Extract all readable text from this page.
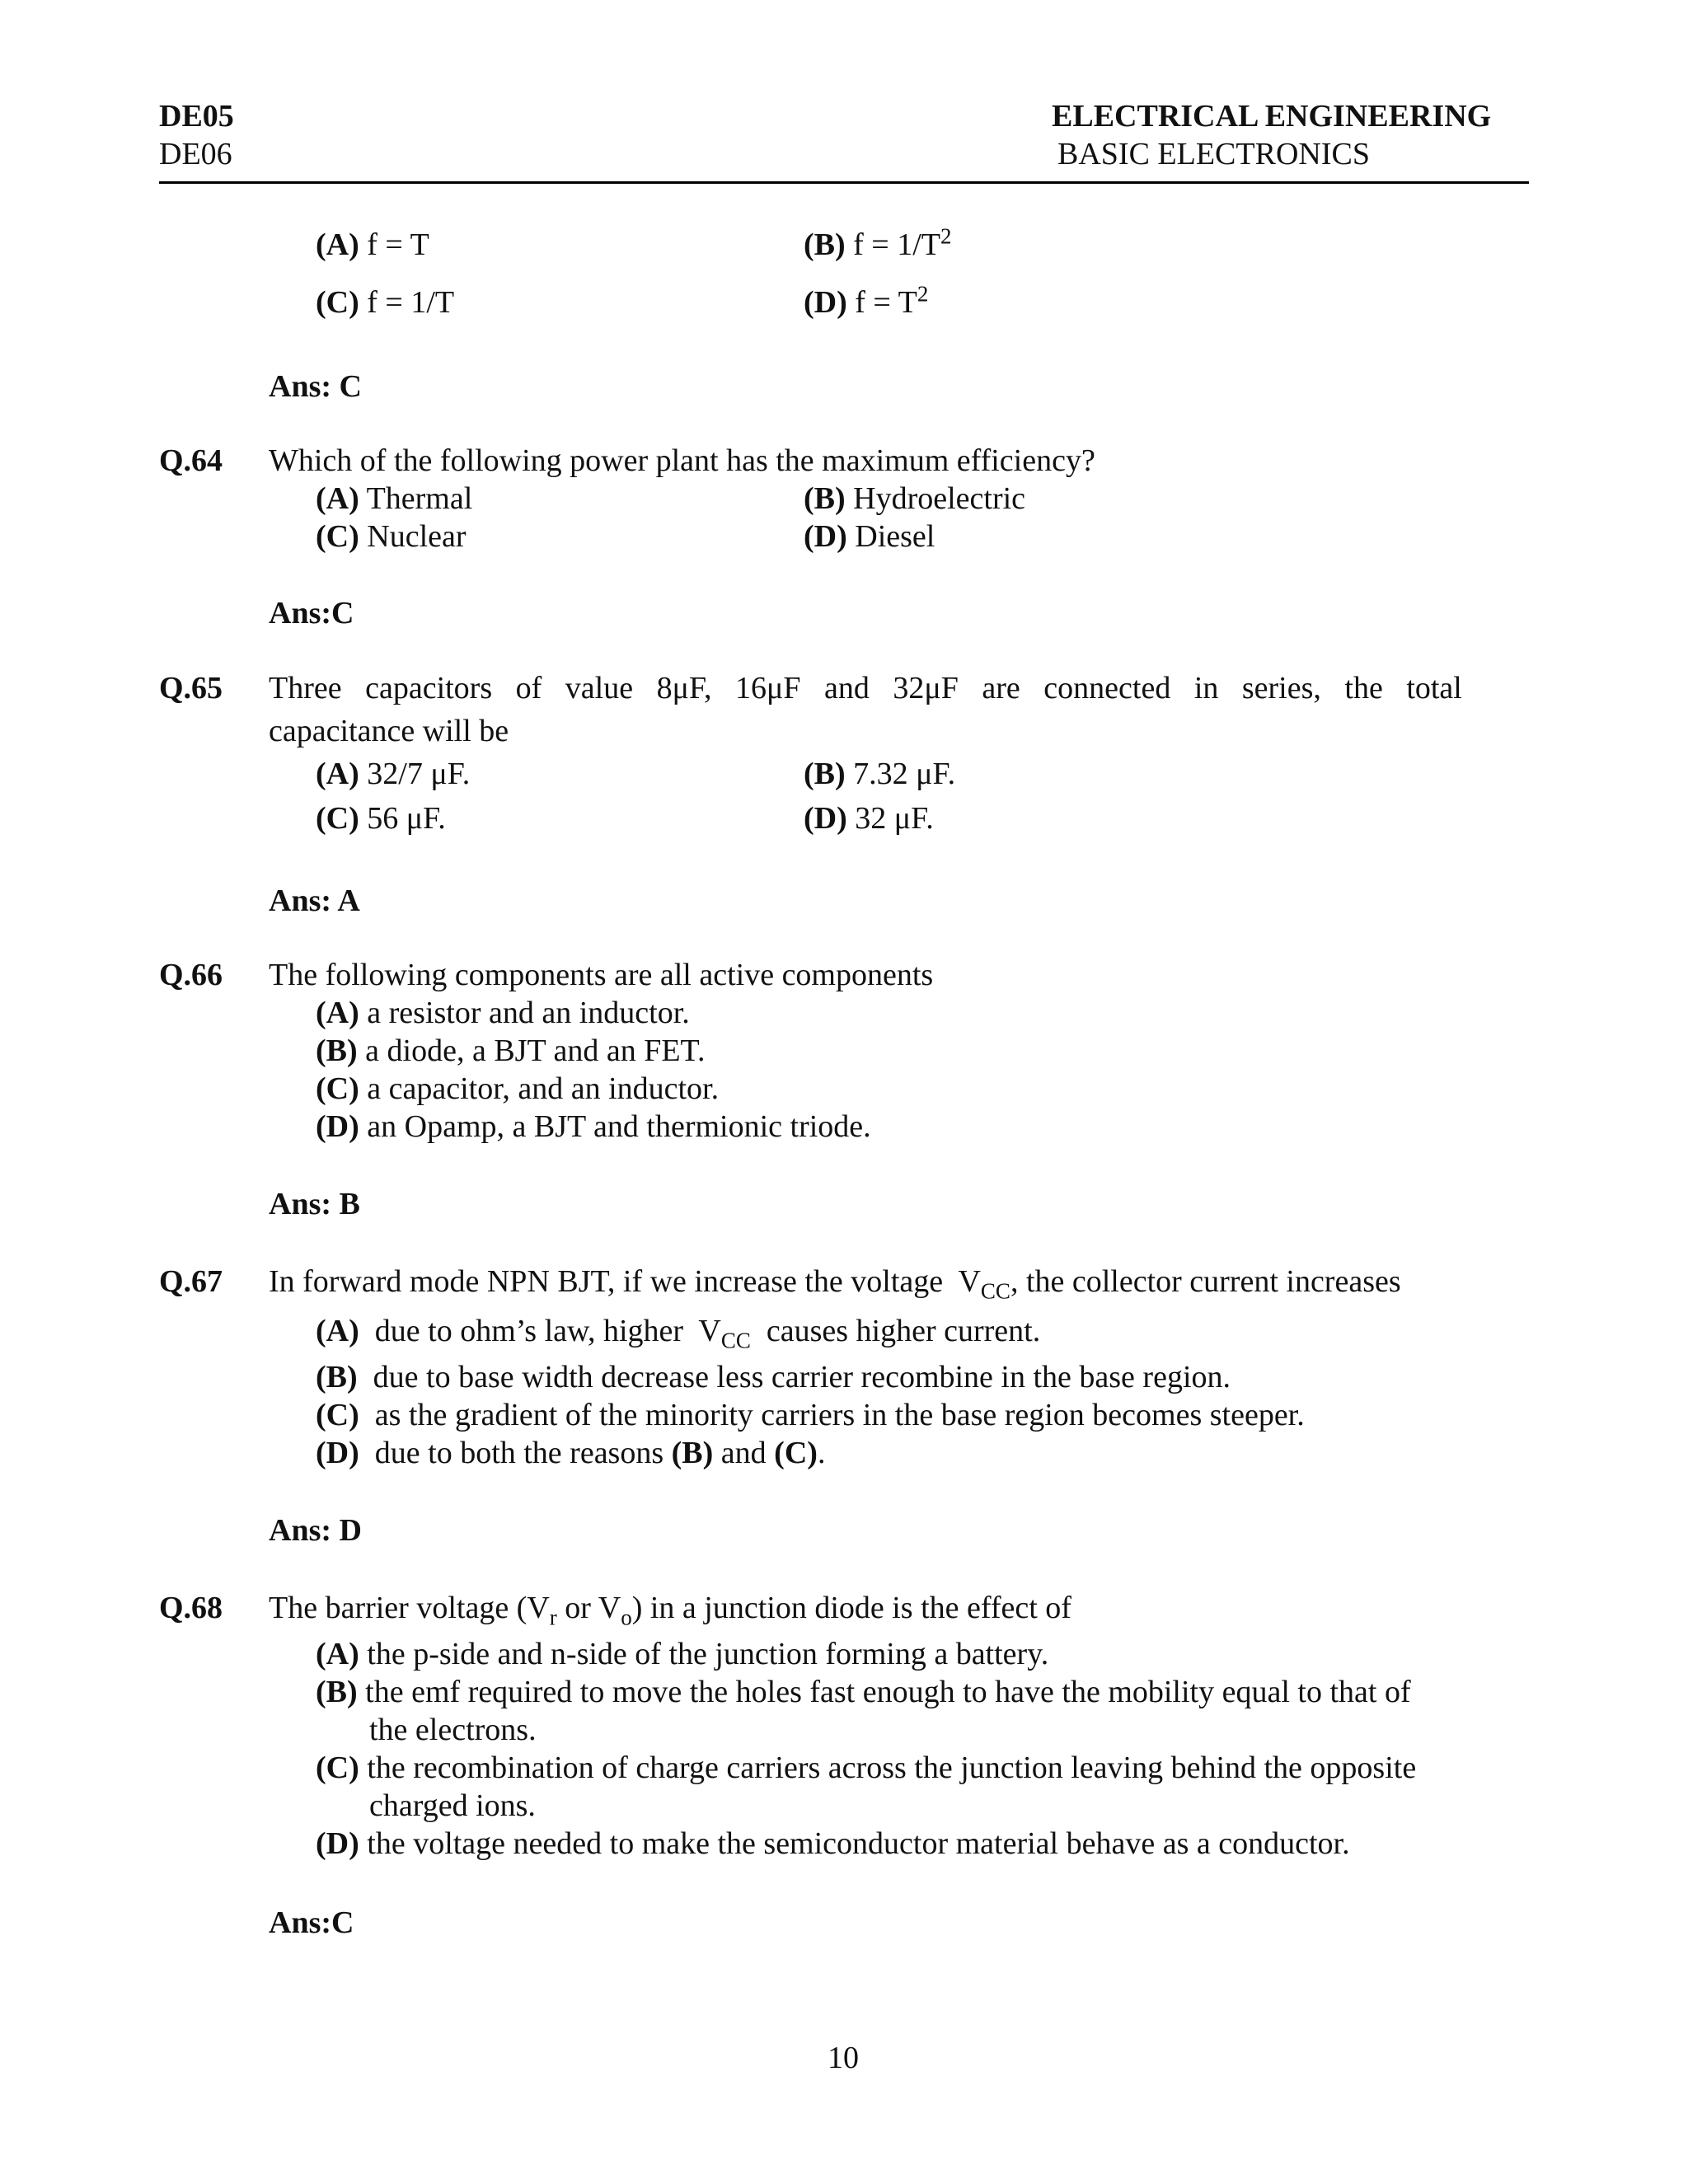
DE05
DE06
ELECTRICAL ENGINEERING
BASIC ELECTRONICS
(A) f = T	(B) $f = 1/T^2$
(C) f = 1/T	(D) $f = T^2$
Ans: C
Q.64 Which of the following power plant has the maximum efficiency?
(A) Thermal	(B) Hydroelectric
(C) Nuclear	(D) Diesel
Ans:C
Q.65 Three   capacitors   of   value   8μF,   16μF   and   32μF   are   connected   in   series,   the   total
capacitance will be
(A) 32/7 μF.	(B) 7.32 μF.
(C) 56 μF.	(D) 32 μF.
Ans: A
Q.66 The following components are all active components
(A) a resistor and an inductor.
(B) a diode, a BJT and an FET.
(C) a capacitor, and an inductor.
(D) an Opamp, a BJT and thermionic triode.
Ans: B
Q.67 In forward mode NPN BJT, if we increase the voltage  $V_{CC}$, the collector current increases
(A)  due to ohm’s law, higher  $V_{CC}$  causes higher current.
(B)  due to base width decrease less carrier recombine in the base region.
(C)  as the gradient of the minority carriers in the base region becomes steeper.
(D)  due to both the reasons (B) and (C).
Ans: D
Q.68 The barrier voltage ($V_r$ or $V_o$) in a junction diode is the effect of
(A) the p-side and n-side of the junction forming a battery.
(B) the emf required to move the holes fast enough to have the mobility equal to that of
the electrons.
(C) the recombination of charge carriers across the junction leaving behind the opposite
charged ions.
(D) the voltage needed to make the semiconductor material behave as a conductor.
Ans:C
10
